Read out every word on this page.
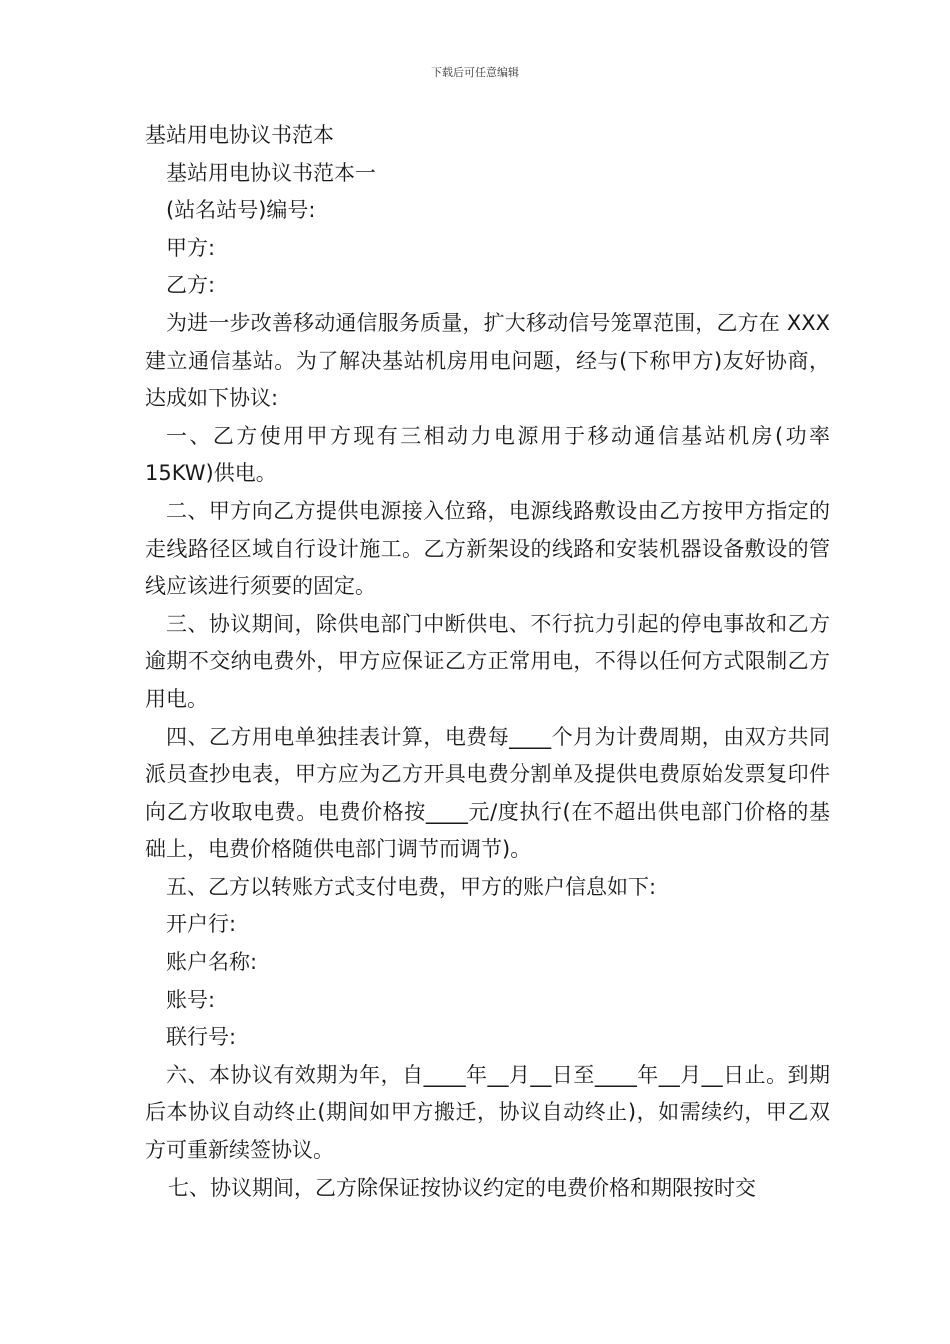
下载后可任意编辑

基站用电协议书范本

基站用电协议书范本一

(站名站号)编号:

甲方:

乙方:

为进一步改善移动通信服务质量，扩大移动信号笼罩范围，乙方在 XXX 建立通信基站。为了解决基站机房用电问题，经与(下称甲方)友好协商，达成如下协议:

一、乙方使用甲方现有三相动力电源用于移动通信基站机房(功率 15KW)供电。

二、甲方向乙方提供电源接入位臵，电源线路敷设由乙方按甲方指定的走线路径区域自行设计施工。乙方新架设的线路和安装机器设备敷设的管线应该进行须要的固定。

三、协议期间，除供电部门中断供电、不行抗力引起的停电事故和乙方逾期不交纳电费外，甲方应保证乙方正常用电，不得以任何方式限制乙方用电。

四、乙方用电单独挂表计算，电费每____个月为计费周期，由双方共同派员查抄电表，甲方应为乙方开具电费分割单及提供电费原始发票复印件向乙方收取电费。电费价格按____元/度执行(在不超出供电部门价格的基础上，电费价格随供电部门调节而调节)。

五、乙方以转账方式支付电费，甲方的账户信息如下:

开户行:

账户名称:

账号:

联行号:

六、本协议有效期为年，自____年__月__日至____年__月__日止。到期后本协议自动终止(期间如甲方搬迁，协议自动终止)，如需续约，甲乙双方可重新续签协议。

七、协议期间，乙方除保证按协议约定的电费价格和期限按时交
